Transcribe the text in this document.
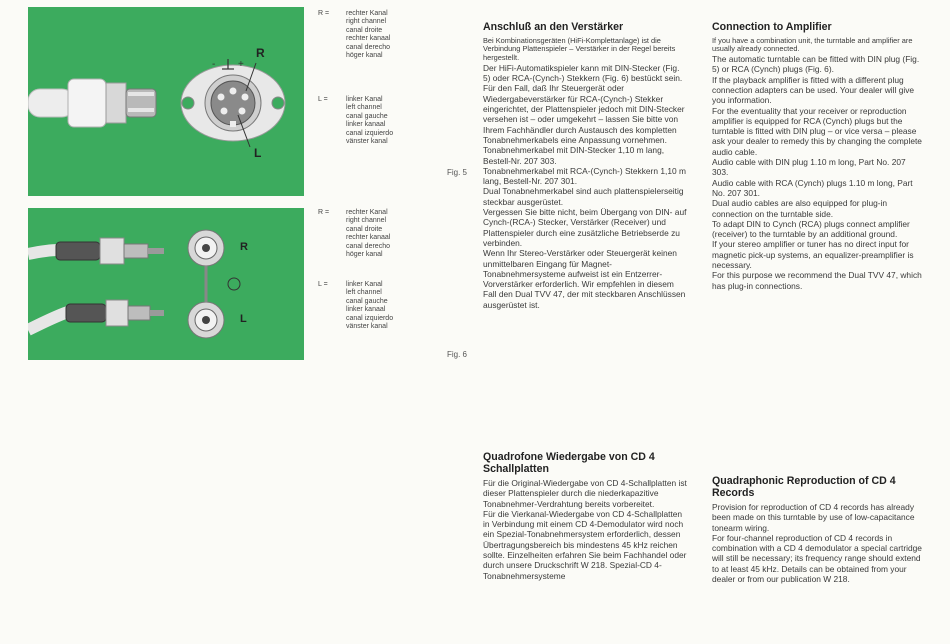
- +
R
L
R
L
R = rechter Kanal
right channel
canal droite
rechter kanaal
canal derecho
höger kanal
L =	linker Kanal
left channel
canal gauche
linker kanaal
canal izquierdo
vänster kanal
R = rechter Kanal
right channel
canal droite
rechter kanaal
canal derecho
höger kanal
L =	linker Kanal
left channel
canal gauche
linker kanaal
canal izquierdo
vänster kanal
Fig. 5
Fig. 6
Anschluß an den Verstärker

Bei Kombinationsgeräten (HiFi-Komplettanlage) ist die Verbindung Plattenspieler – Verstärker in der Regel bereits hergestellt.

Der HiFi-Automatikspieler kann mit DIN-Stecker (Fig. 5) oder RCA-(Cynch-) Stekkern (Fig. 6) bestückt sein.

Für den Fall, daß Ihr Steuergerät oder Wiedergabeverstärker für RCA-(Cynch-) Stekker eingerichtet, der Plattenspieler jedoch mit DIN-Stecker versehen ist – oder umgekehrt – lassen Sie bitte von Ihrem Fachhändler durch Austausch des kompletten Tonabnehmerkabels eine Anpassung vornehmen.

Tonabnehmerkabel mit DIN-Stecker 1,10 m lang, Bestell-Nr. 207 303.

Tonabnehmerkabel mit RCA-(Cynch-) Stekkern 1,10 m lang, Bestell-Nr. 207 301.

Dual Tonabnehmerkabel sind auch plattenspielerseitig steckbar ausgerüstet.

Vergessen Sie bitte nicht, beim Übergang von DIN- auf Cynch-(RCA-) Stecker, Verstärker (Receiver) und Plattenspieler durch eine zusätzliche Betriebserde zu verbinden.

Wenn Ihr Stereo-Verstärker oder Steuergerät keinen unmittelbaren Eingang für Magnet-Tonabnehmersysteme aufweist ist ein Entzerrer-Vorverstärker erforderlich. Wir empfehlen in diesem Fall den Dual TVV 47, der mit steckbaren Anschlüssen ausgerüstet ist.

Connection to Amplifier

If you have a combination unit, the turntable and amplifier are usually already connected.

The automatic turntable can be fitted with DIN plug (Fig. 5) or RCA (Cynch) plugs (Fig. 6).

If the playback amplifier is fitted with a different plug connection adapters can be used. Your dealer will give you information.

For the eventuality that your receiver or reproduction amplifier is equipped for RCA (Cynch) plugs but the turntable is fitted with DIN plug – or vice versa – please ask your dealer to remedy this by changing the complete audio cable.

Audio cable with DIN plug 1.10 m long, Part No. 207 303.

Audio cable with RCA (Cynch) plugs 1.10 m long, Part No. 207 301.

Dual audio cables are also equipped for plug-in connection on the turntable side.

To adapt DIN to Cynch (RCA) plugs connect amplifier (receiver) to the turntable by an additional ground.

If your stereo amplifier or tuner has no direct input for magnetic pick-up systems, an equalizer-preamplifier is necessary.

For this purpose we recommend the Dual TVV 47, which has plug-in connections.

Quadrofone Wiedergabe von CD 4 Schallplatten

Für die Original-Wiedergabe von CD 4-Schallplatten ist dieser Plattenspieler durch die niederkapazitive Tonabnehmer-Verdrahtung bereits vorbereitet.

Für die Vierkanal-Wiedergabe von CD 4-Schallplatten in Verbindung mit einem CD 4-Demodulator wird noch ein Spezial-Tonabnehmersystem erforderlich, dessen Übertragungsbereich bis mindestens 45 kHz reichen sollte. Einzelheiten erfahren Sie beim Fachhandel oder durch unsere Druckschrift W 218. Spezial-CD 4-Tonabnehmersysteme

Quadraphonic Reproduction of CD 4 Records

Provision for reproduction of CD 4 records has already been made on this turntable by use of low-capacitance tonearm wiring.

For four-channel reproduction of CD 4 records in combination with a CD 4 demodulator a special cartridge will still be necessary; its frequency range should extend to at least 45 kHz. Details can be obtained from your dealer or from our publication W 218.
